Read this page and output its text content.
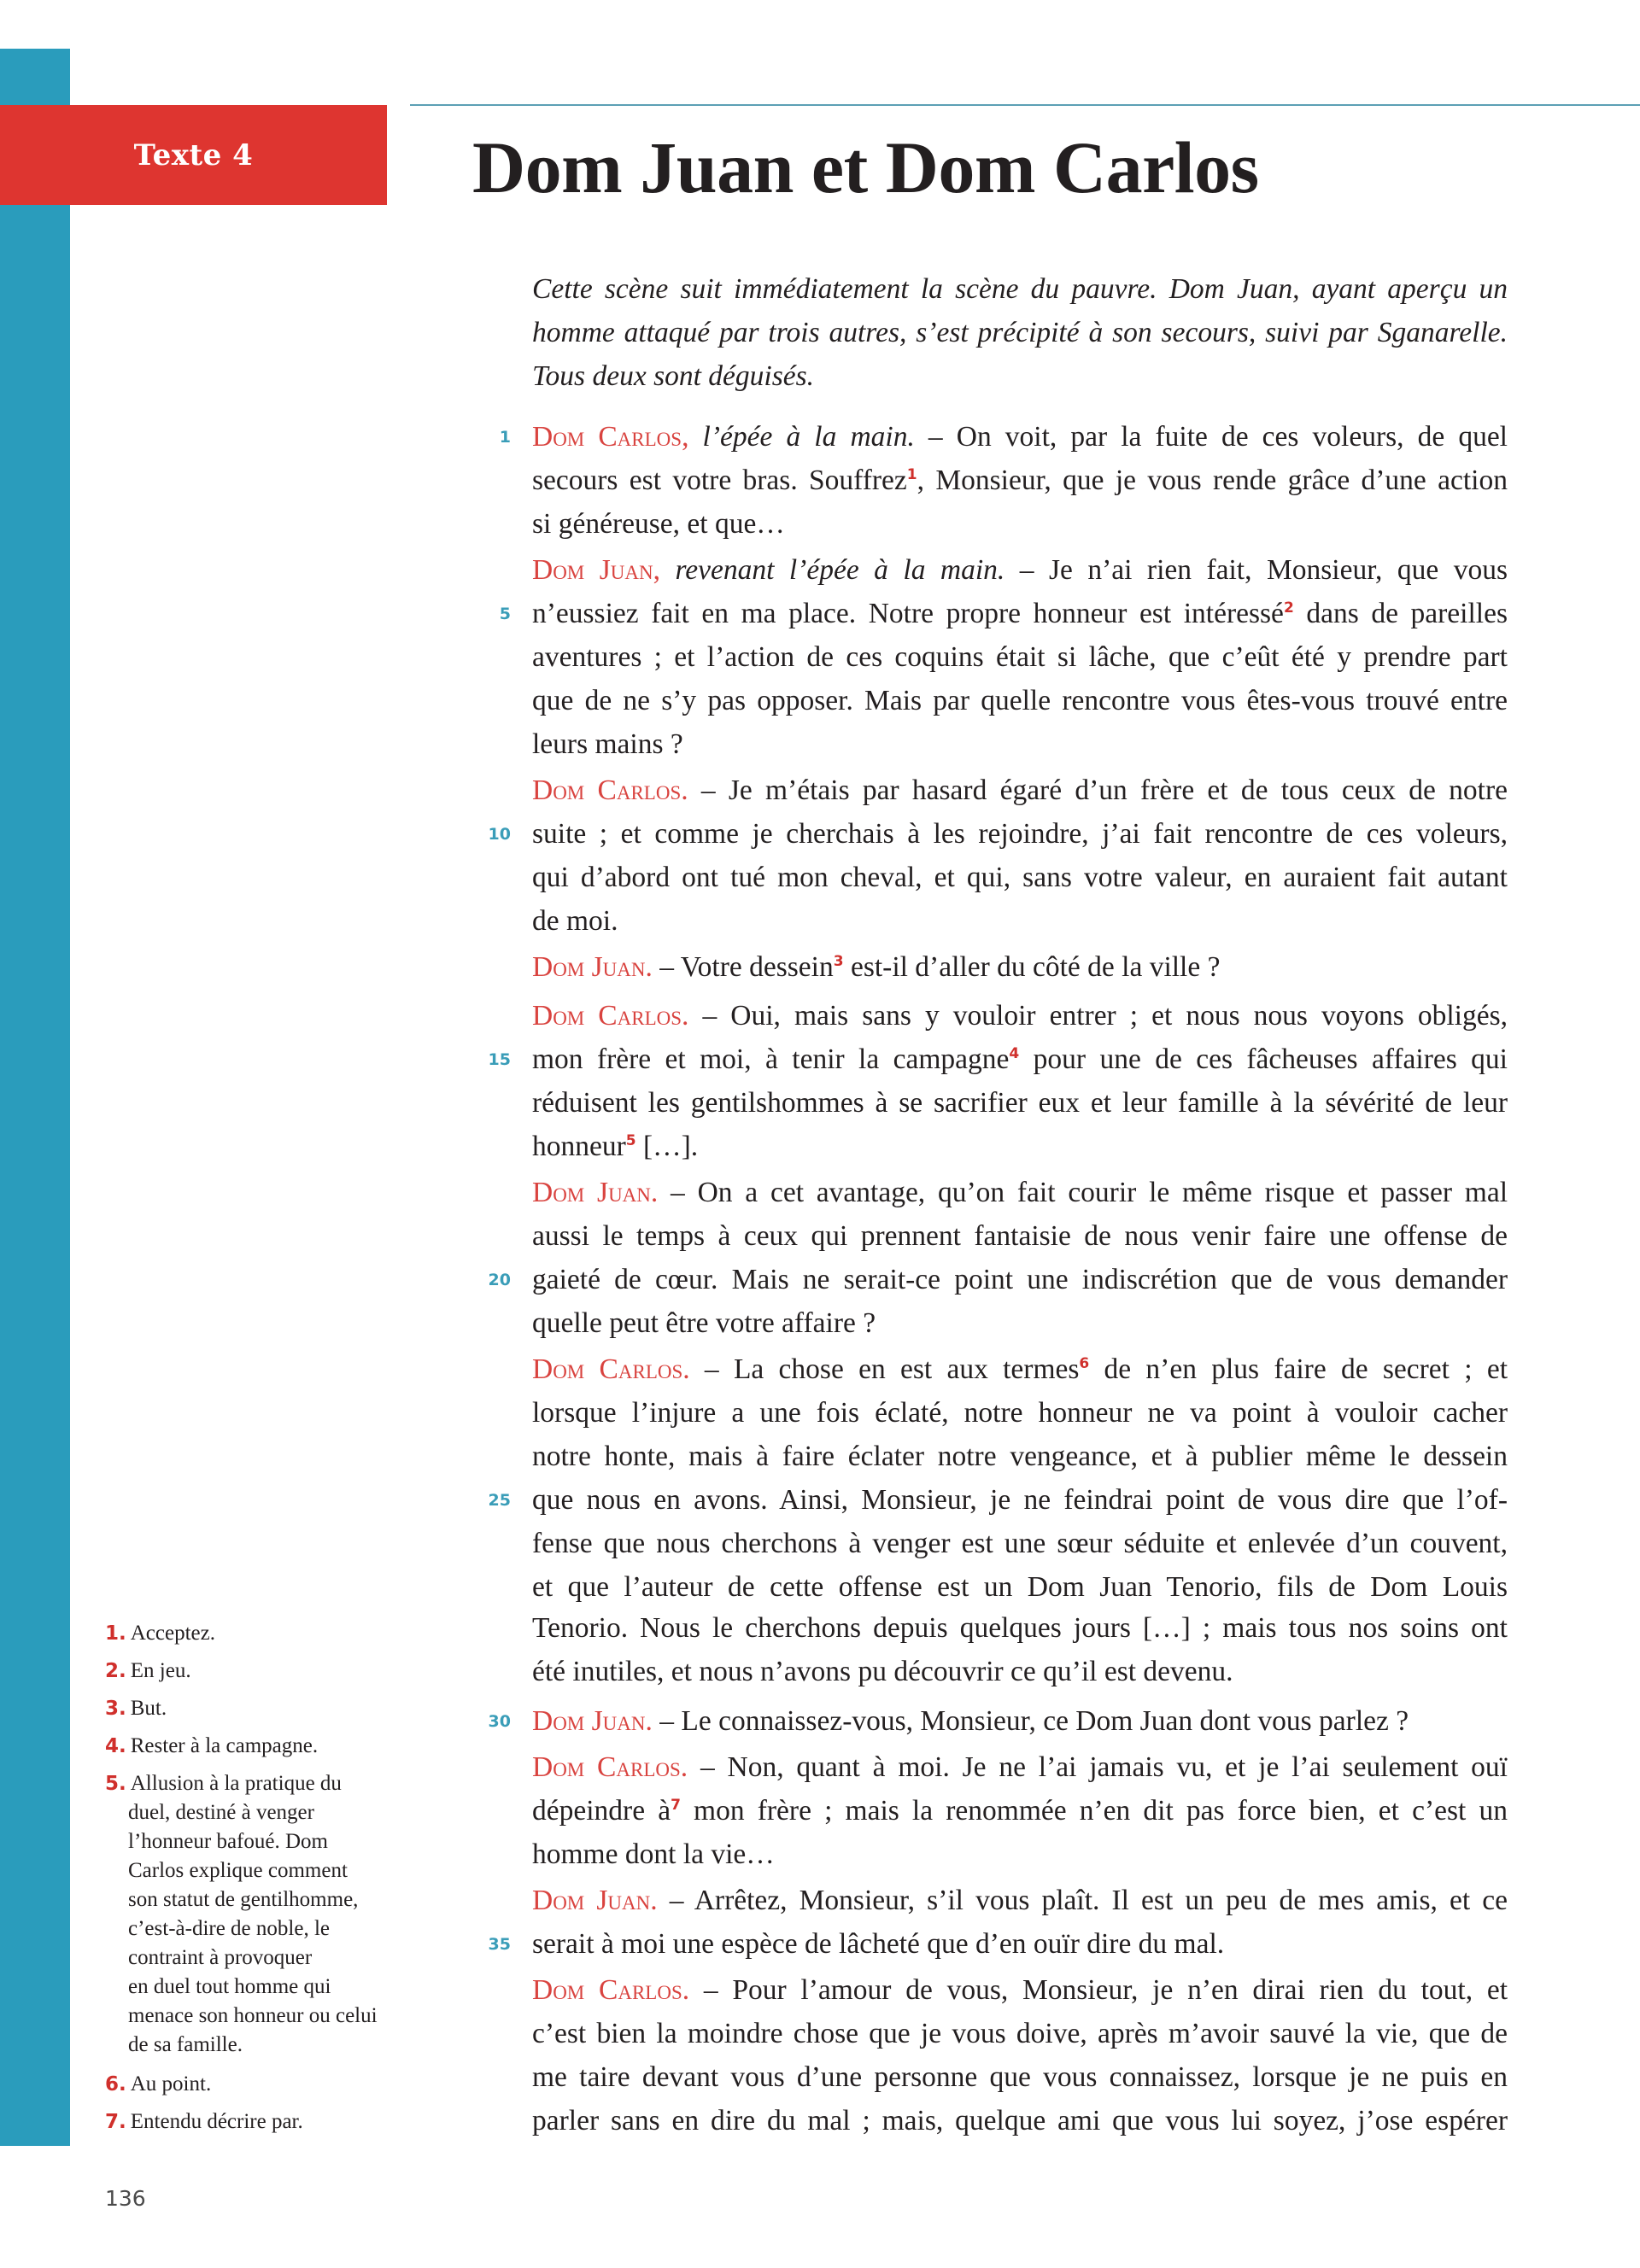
Texte 4	Dom Juan et Dom Carlos
Cette scène suit immédiatement la scène du pauvre. Dom Juan, ayant aperçu un
homme attaqué par trois autres, s’est précipité à son secours, suivi par Sganarelle.
Tous deux sont déguisés.
1 Dom Carlos, l’épée à la main. – On voit, par la fuite de ces voleurs, de quel
secours est votre bras. Souffrez$^1$, Monsieur, que je vous rende grâce d’une action
si généreuse, et que…
Dom Juan, revenant l’épée à la main. – Je n’ai rien fait, Monsieur, que vous
5 n’eussiez fait en ma place. Notre propre honneur est intéressé$^2$ dans de pareilles
aventures ; et l’action de ces coquins était si lâche, que c’eût été y prendre part
que de ne s’y pas opposer. Mais par quelle rencontre vous êtes-vous trouvé entre
leurs mains ?
Dom Carlos. – Je m’étais par hasard égaré d’un frère et de tous ceux de notre
10 suite ; et comme je cherchais à les rejoindre, j’ai fait rencontre de ces voleurs,
qui d’abord ont tué mon cheval, et qui, sans votre valeur, en auraient fait autant
de moi.
Dom Juan. – Votre dessein$^3$ est-il d’aller du côté de la ville ?
Dom Carlos. – Oui, mais sans y vouloir entrer ; et nous nous voyons obligés,
15 mon frère et moi, à tenir la campagne$^4$ pour une de ces fâcheuses affaires qui
réduisent les gentilshommes à se sacrifier eux et leur famille à la sévérité de leur
honneur$^5$ […].
Dom Juan. – On a cet avantage, qu’on fait courir le même risque et passer mal
aussi le temps à ceux qui prennent fantaisie de nous venir faire une offense de
20 gaieté de cœur. Mais ne serait-ce point une indiscrétion que de vous demander
quelle peut être votre affaire ?
Dom Carlos. – La chose en est aux termes$^6$ de n’en plus faire de secret ; et
lorsque l’injure a une fois éclaté, notre honneur ne va point à vouloir cacher
notre honte, mais à faire éclater notre vengeance, et à publier même le dessein
25 que nous en avons. Ainsi, Monsieur, je ne feindrai point de vous dire que l’of-
fense que nous cherchons à venger est une sœur séduite et enlevée d’un couvent,
et que l’auteur de cette offense est un Dom Juan Tenorio, fils de Dom Louis
Tenorio. Nous le cherchons depuis quelques jours […] ; mais tous nos soins ont
été inutiles, et nous n’avons pu découvrir ce qu’il est devenu.
30 Dom Juan. – Le connaissez-vous, Monsieur, ce Dom Juan dont vous parlez ?
Dom Carlos. – Non, quant à moi. Je ne l’ai jamais vu, et je l’ai seulement ouï
dépeindre à$^7$ mon frère ; mais la renommée n’en dit pas force bien, et c’est un
homme dont la vie…
Dom Juan. – Arrêtez, Monsieur, s’il vous plaît. Il est un peu de mes amis, et ce
35 serait à moi une espèce de lâcheté que d’en ouïr dire du mal.
Dom Carlos. – Pour l’amour de vous, Monsieur, je n’en dirai rien du tout, et
c’est bien la moindre chose que je vous doive, après m’avoir sauvé la vie, que de
me taire devant vous d’une personne que vous connaissez, lorsque je ne puis en
parler sans en dire du mal ; mais, quelque ami que vous lui soyez, j’ose espérer
1. Acceptez.
2. En jeu.
3. But.
4. Rester à la campagne.
5. Allusion à la pratique du
duel, destiné à venger
l’honneur bafoué. Dom
Carlos explique comment
son statut de gentilhomme,
c’est-à-dire de noble, le
contraint à provoquer
en duel tout homme qui
menace son honneur ou celui
de sa famille.
6. Au point.
7. Entendu décrire par.
136
